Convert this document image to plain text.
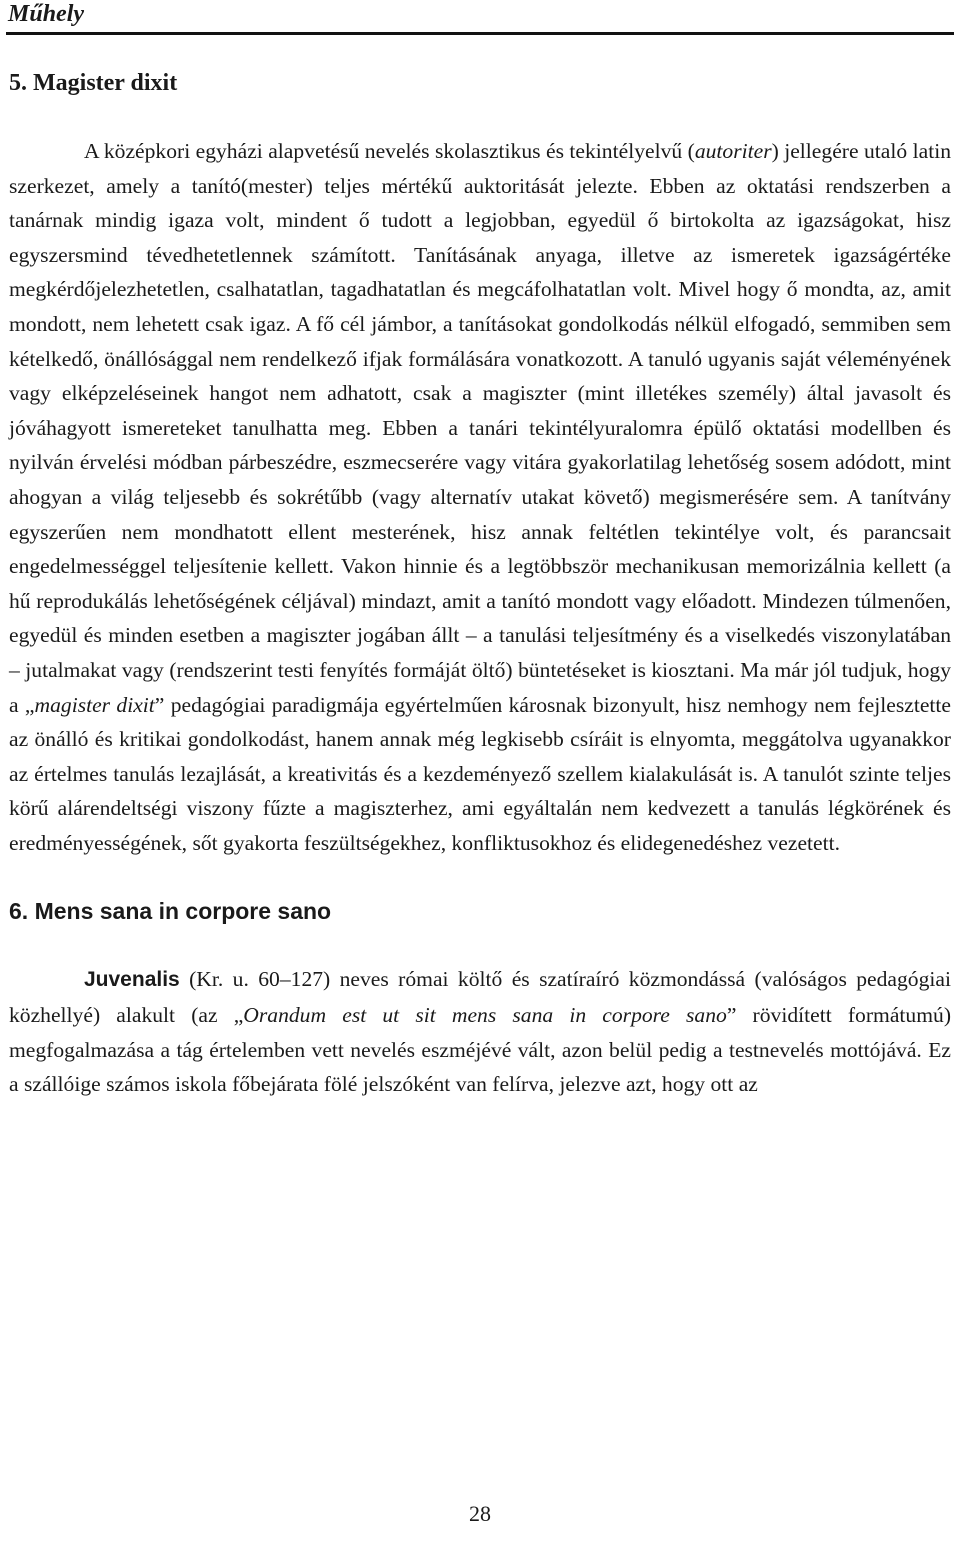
Műhely
5. Magister dixit

A középkori egyházi alapvetésű nevelés skolasztikus és tekintélyelvű (autoriter) jellegére utaló latin szerkezet, amely a tanító(mester) teljes mértékű auktoritását jelezte. Ebben az oktatási rendszerben a tanárnak mindig igaza volt, mindent ő tudott a legjobban, egyedül ő birtokolta az igazságokat, hisz egyszersmind tévedhetetlennek számított. Tanításának anyaga, illetve az ismeretek igazságértéke megkérdőjelezhetetlen, csalhatatlan, tagadhatatlan és megcáfolhatatlan volt. Mivel hogy ő mondta, az, amit mondott, nem lehetett csak igaz. A fő cél jámbor, a tanításokat gondolkodás nélkül elfogadó, semmiben sem kételkedő, önállósággal nem rendelkező ifjak formálására vonatkozott. A tanuló ugyanis saját véleményének vagy elképzeléseinek hangot nem adhatott, csak a magiszter (mint illetékes személy) által javasolt és jóváhagyott ismereteket tanulhatta meg. Ebben a tanári tekintélyuralomra épülő oktatási modellben és nyilván érvelési módban párbeszédre, eszmecserére vagy vitára gyakorlatilag lehetőség sosem adódott, mint ahogyan a világ teljesebb és sokrétűbb (vagy alternatív utakat követő) megismerésére sem. A tanítvány egyszerűen nem mondhatott ellent mesterének, hisz annak feltétlen tekintélye volt, és parancsait engedelmességgel teljesítenie kellett. Vakon hinnie és a legtöbbször mechanikusan memorizálnia kellett (a hű reprodukálás lehetőségének céljával) mindazt, amit a tanító mondott vagy előadott. Mindezen túlmenően, egyedül és minden esetben a magiszter jogában állt – a tanulási teljesítmény és a viselkedés viszonylatában – jutalmakat vagy (rendszerint testi fenyítés formáját öltő) büntetéseket is kiosztani. Ma már jól tudjuk, hogy a „magister dixit” pedagógiai paradigmája egyértelműen károsnak bizonyult, hisz nemhogy nem fejlesztette az önálló és kritikai gondolkodást, hanem annak még legkisebb csíráit is elnyomta, meggátolva ugyanakkor az értelmes tanulás lezajlását, a kreativitás és a kezdeményező szellem kialakulását is. A tanulót szinte teljes körű alárendeltségi viszony fűzte a magiszterhez, ami egyáltalán nem kedvezett a tanulás légkörének és eredményességének, sőt gyakorta feszültségekhez, konfliktusokhoz és elidegenedéshez vezetett.

6. Mens sana in corpore sano

Juvenalis (Kr. u. 60–127) neves római költő és szatíraíró közmondássá (valóságos pedagógiai közhellyé) alakult (az „Orandum est ut sit mens sana in corpore sano” rövidített formátumú) megfogalmazása a tág értelemben vett nevelés eszméjévé vált, azon belül pedig a testnevelés mottójává. Ez a szállóige számos iskola főbejárata fölé jelszóként van felírva, jelezve azt, hogy ott az

28
